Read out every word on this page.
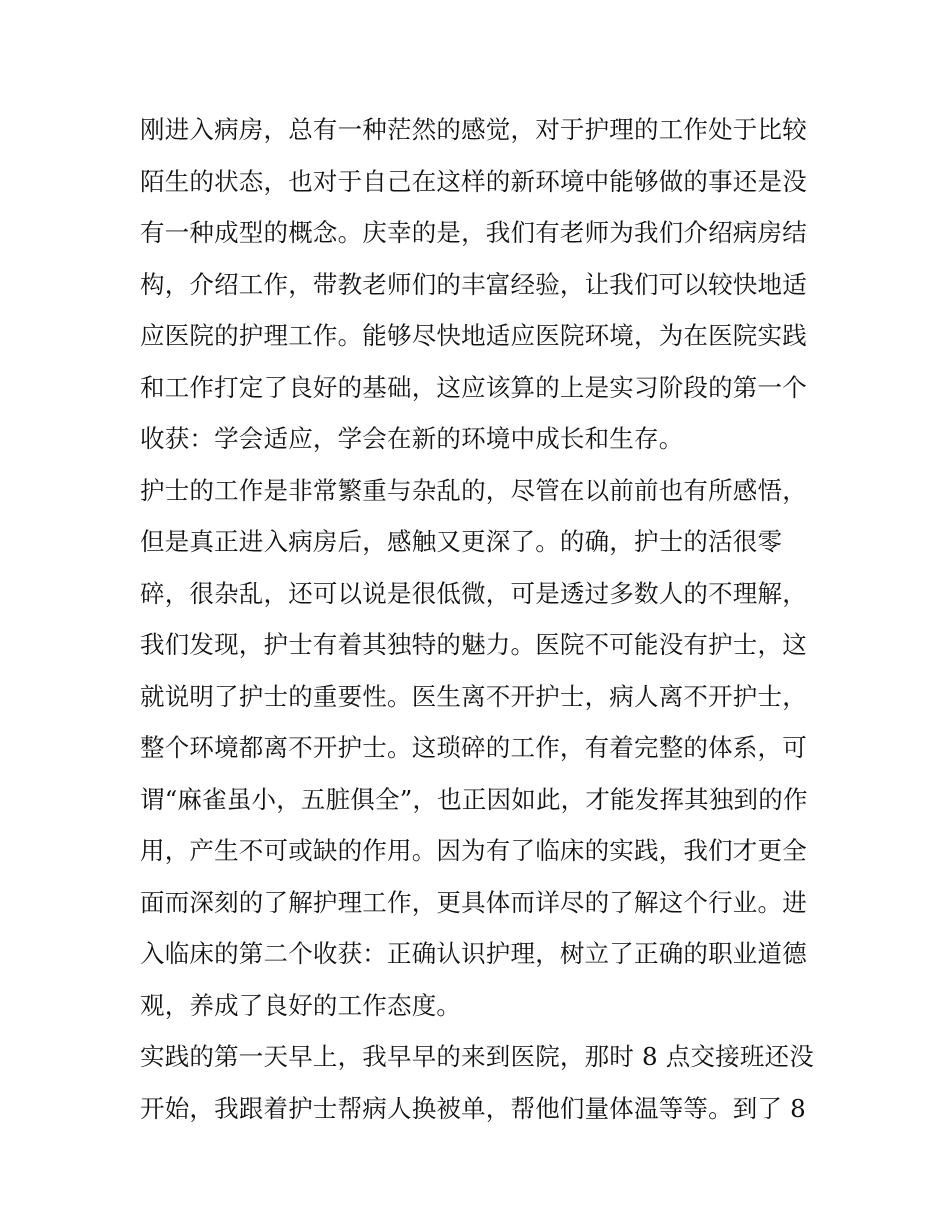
刚进入病房，总有一种茫然的感觉，对于护理的工作处于比较
陌生的状态，也对于自己在这样的新环境中能够做的事还是没
有一种成型的概念。庆幸的是，我们有老师为我们介绍病房结
构，介绍工作，带教老师们的丰富经验，让我们可以较快地适
应医院的护理工作。能够尽快地适应医院环境，为在医院实践
和工作打定了良好的基础，这应该算的上是实习阶段的第一个
收获：学会适应，学会在新的环境中成长和生存。
护士的工作是非常繁重与杂乱的，尽管在以前前也有所感悟，
但是真正进入病房后，感触又更深了。的确，护士的活很零
碎，很杂乱，还可以说是很低微，可是透过多数人的不理解，
我们发现，护士有着其独特的魅力。医院不可能没有护士，这
就说明了护士的重要性。医生离不开护士，病人离不开护士，
整个环境都离不开护士。这琐碎的工作，有着完整的体系，可
谓“麻雀虽小，五脏俱全”，也正因如此，才能发挥其独到的作
用，产生不可或缺的作用。因为有了临床的实践，我们才更全
面而深刻的了解护理工作，更具体而详尽的了解这个行业。进
入临床的第二个收获：正确认识护理，树立了正确的职业道德
观，养成了良好的工作态度。
实践的第一天早上，我早早的来到医院，那时 8 点交接班还没
开始，我跟着护士帮病人换被单，帮他们量体温等等。到了 8
